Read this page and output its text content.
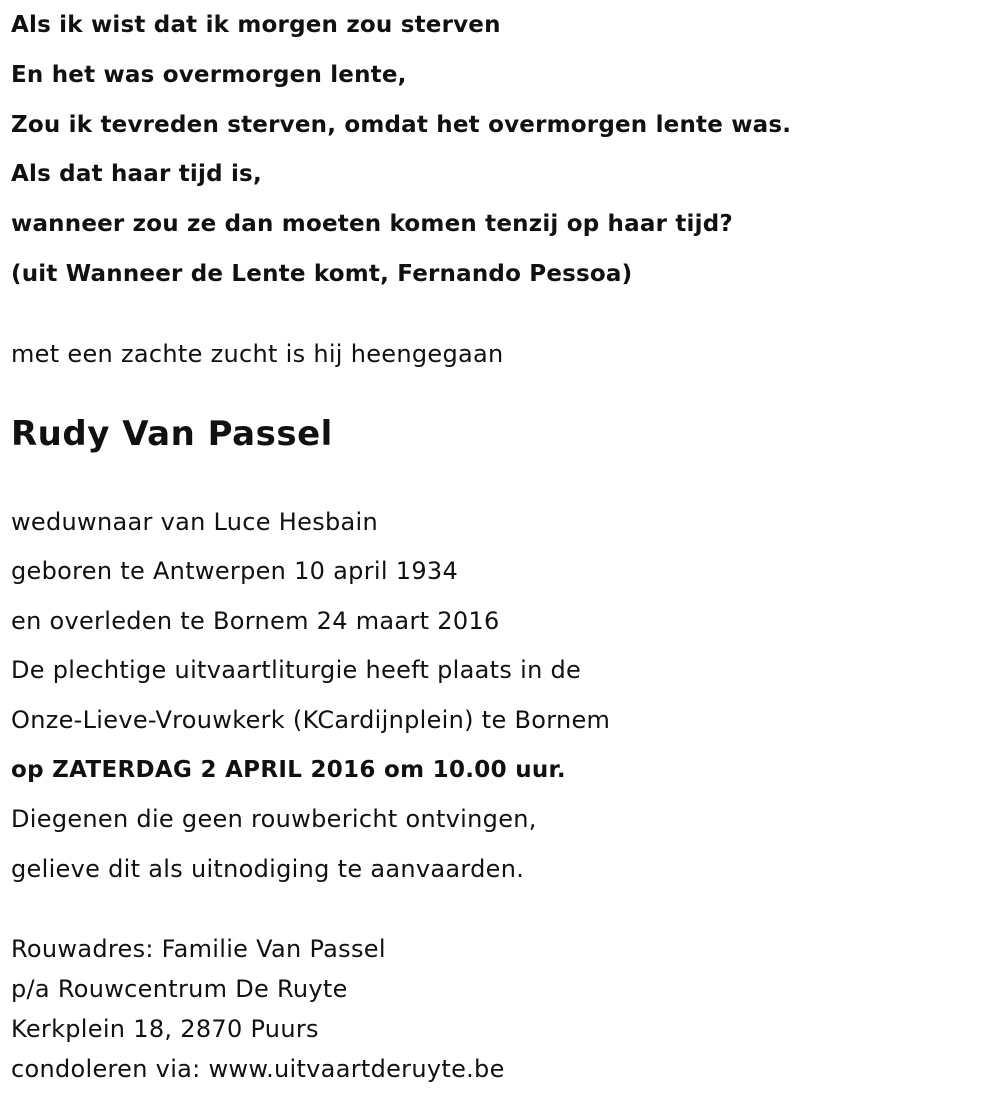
Als ik wist dat ik morgen zou sterven
En het was overmorgen lente,
Zou ik tevreden sterven, omdat het overmorgen lente was.
Als dat haar tijd is,
wanneer zou ze dan moeten komen tenzij op haar tijd?
(uit Wanneer de Lente komt, Fernando Pessoa)
met een zachte zucht is hij heengegaan
Rudy Van Passel
weduwnaar van Luce Hesbain
geboren te Antwerpen 10 april 1934
en overleden te Bornem 24 maart 2016
De plechtige uitvaartliturgie heeft plaats in de
Onze-Lieve-Vrouwkerk (KCardijnplein) te Bornem
op ZATERDAG 2 APRIL 2016 om 10.00 uur.
Diegenen die geen rouwbericht ontvingen,
gelieve dit als uitnodiging te aanvaarden.
Rouwadres: Familie Van Passel
p/a Rouwcentrum De Ruyte
Kerkplein 18, 2870 Puurs
condoleren via: www.uitvaartderuyte.be
